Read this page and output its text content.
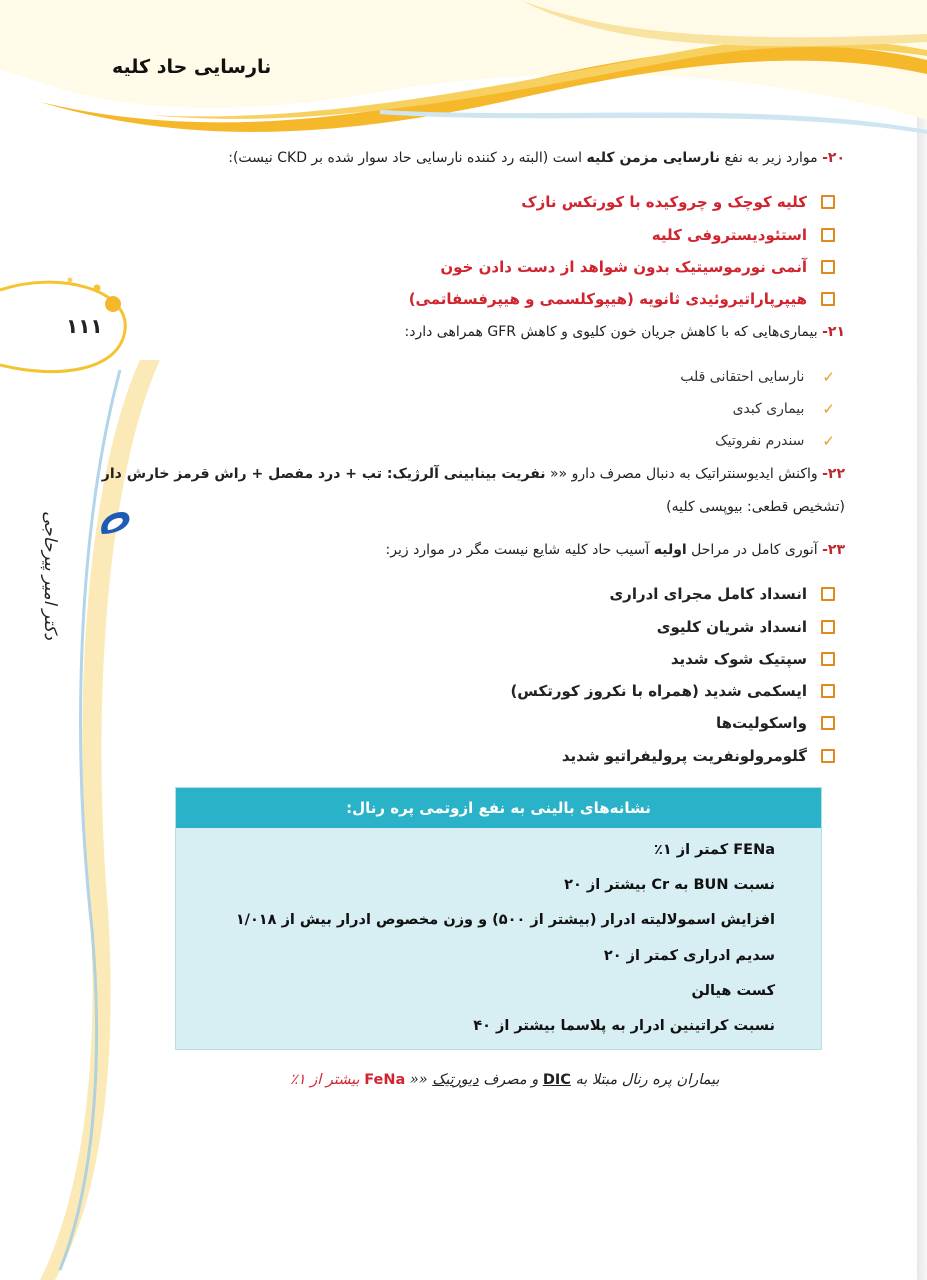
نارسایی حاد کلیه
۱۱۱
دکتر امیر پیرحاجی
۲۰- موارد زیر به نفع نارسایی مزمن کلیه است (البته رد کننده نارسایی حاد سوار شده بر CKD نیست):
کلیه کوچک و چروکیده با کورتکس نازک
استئودیستروفی کلیه
آنمی نورموسیتیک بدون شواهد از دست دادن خون
هیپرپاراتیروئیدی ثانویه (هیپوکلسمی و هیپرفسفاتمی)
۲۱- بیماری‌هایی که با کاهش جریان خون کلیوی و کاهش GFR همراهی دارد:
✓
نارسایی احتقانی قلب
✓
بیماری کبدی
✓
سندرم نفروتیک
۲۲- واکنش ایدیوسنتراتیک به دنبال مصرف دارو «« نفریت بینابینی آلرژیک: تب + درد مفصل + راش قرمز خارش دار
(تشخیص قطعی: بیوپسی کلیه)
۲۳- آنوری کامل در مراحل اولیه آسیب حاد کلیه شایع نیست مگر در موارد زیر:
انسداد کامل مجرای ادراری
انسداد شریان کلیوی
سپتیک شوک شدید
ایسکمی شدید (همراه با نکروز کورتکس)
واسکولیت‌ها
گلومرولونفریت پرولیفراتیو شدید
نشانه‌های بالینی به نفع ازوتمی پره رنال:
FENa کمتر از ۱٪
نسبت BUN به Cr بیشتر از ۲۰
افزایش اسمولالیته ادرار (بیشتر از ۵۰۰) و وزن مخصوص ادرار بیش از ۱/۰۱۸
سدیم ادراری کمتر از ۲۰
کست هیالن
نسبت کراتینین ادرار به پلاسما بیشتر از ۴۰
بیماران پره رنال مبتلا به DIC و مصرف دیورتیک «« FeNa بیشتر از ۱٪
